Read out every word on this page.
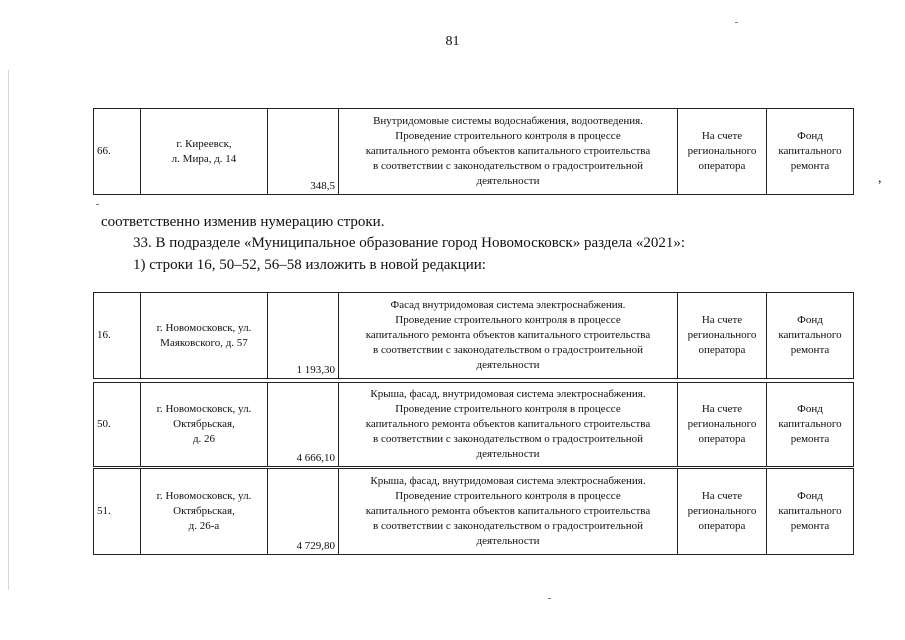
81
66.	г. Киреевск,
л. Мира, д. 14	348,5	Внутридомовые системы водоснабжения, водоотведения.
Проведение строительного контроля в процессе
капитального ремонта объектов капитального строительства
в соответствии с законодательством о градостроительной
деятельности	На счете
регионального
оператора	Фонд
капитального
ремонта
,
соответственно изменив нумерацию строки.
33. В подразделе «Муниципальное образование город Новомосковск» раздела «2021»:
1) строки 16, 50–52, 56–58 изложить в новой редакции:
16.	г. Новомосковск, ул.
Маяковского, д. 57	1 193,30	Фасад внутридомовая система электроснабжения.
Проведение строительного контроля в процессе
капитального ремонта объектов капитального строительства
в соответствии с законодательством о градостроительной
деятельности	На счете
регионального
оператора	Фонд
капитального
ремонта
50.	г. Новомосковск, ул.
Октябрьская,
д. 26	4 666,10	Крыша, фасад, внутридомовая система электроснабжения.
Проведение строительного контроля в процессе
капитального ремонта объектов капитального строительства
в соответствии с законодательством о градостроительной
деятельности	На счете
регионального
оператора	Фонд
капитального
ремонта
51.	г. Новомосковск, ул.
Октябрьская,
д. 26-а	4 729,80	Крыша, фасад, внутридомовая система электроснабжения.
Проведение строительного контроля в процессе
капитального ремонта объектов капитального строительства
в соответствии с законодательством о градостроительной
деятельности	На счете
регионального
оператора	Фонд
капитального
ремонта
